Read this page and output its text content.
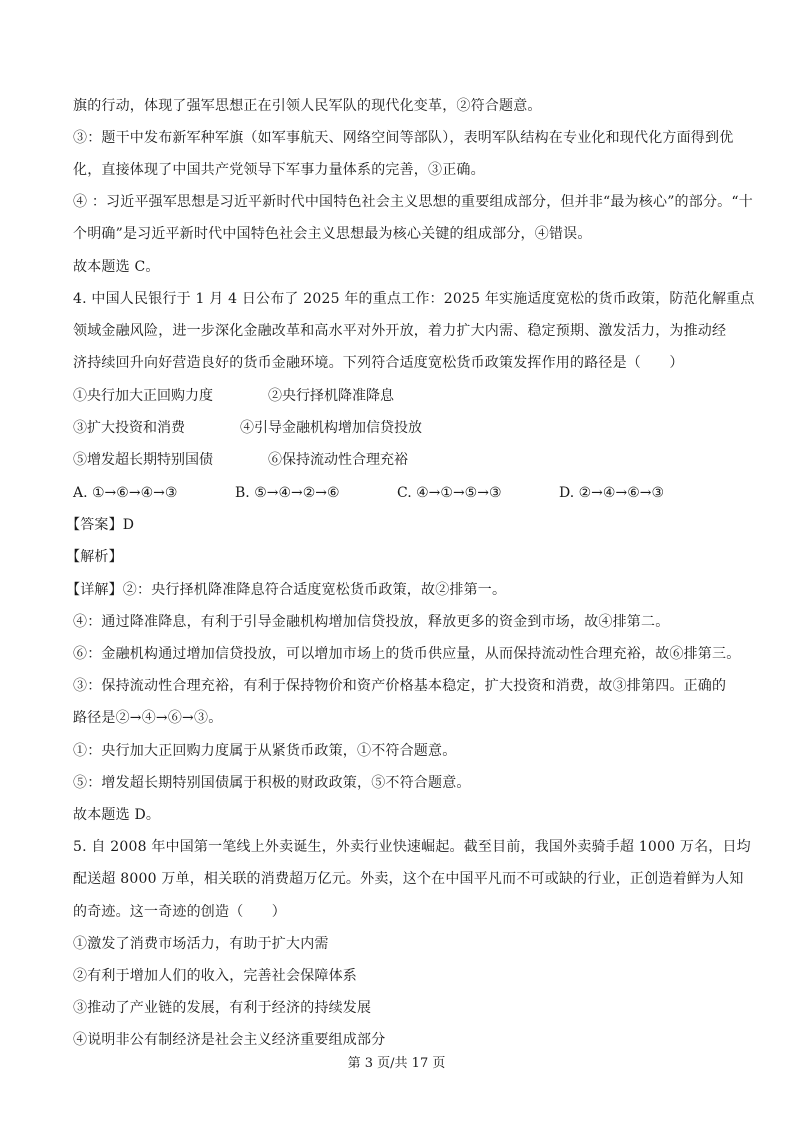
旗的行动，体现了强军思想正在引领人民军队的现代化变革，②符合题意。
③：题干中发布新军种军旗（如军事航天、网络空间等部队），表明军队结构在专业化和现代化方面得到优
化，直接体现了中国共产党领导下军事力量体系的完善，③正确。
④ ：习近平强军思想是习近平新时代中国特色社会主义思想的重要组成部分，但并非“最为核心”的部分。“十
个明确”是习近平新时代中国特色社会主义思想最为核心关键的组成部分，④错误。
故本题选 C。
4. 中国人民银行于 1 月 4 日公布了 2025 年的重点工作：2025 年实施适度宽松的货币政策，防范化解重点
领域金融风险，进一步深化金融改革和高水平对外开放，着力扩大内需、稳定预期、激发活力，为推动经
济持续回升向好营造良好的货币金融环境。下列符合适度宽松货币政策发挥作用的路径是（　　）
①央行加大正回购力度	②央行择机降准降息
③扩大投资和消费	④引导金融机构增加信贷投放
⑤增发超长期特别国债	⑥保持流动性合理充裕
A. ①→⑥→④→③	B. ⑤→④→②→⑥	C. ④→①→⑤→③	D. ②→④→⑥→③
【答案】D
【解析】
【详解】②：央行择机降准降息符合适度宽松货币政策，故②排第一。
④：通过降准降息，有利于引导金融机构增加信贷投放，释放更多的资金到市场，故④排第二。
⑥：金融机构通过增加信贷投放，可以增加市场上的货币供应量，从而保持流动性合理充裕，故⑥排第三。
③：保持流动性合理充裕，有利于保持物价和资产价格基本稳定，扩大投资和消费，故③排第四。正确的
路径是②→④→⑥→③。
①：央行加大正回购力度属于从紧货币政策，①不符合题意。
⑤：增发超长期特别国债属于积极的财政政策，⑤不符合题意。
故本题选 D。
5. 自 2008 年中国第一笔线上外卖诞生，外卖行业快速崛起。截至目前，我国外卖骑手超 1000 万名，日均
配送超 8000 万单，相关联的消费超万亿元。外卖，这个在中国平凡而不可或缺的行业，正创造着鲜为人知
的奇迹。这一奇迹的创造（　　）
①激发了消费市场活力，有助于扩大内需
②有利于增加人们的收入，完善社会保障体系
③推动了产业链的发展，有利于经济的持续发展
④说明非公有制经济是社会主义经济重要组成部分
第 3 页/共 17 页
